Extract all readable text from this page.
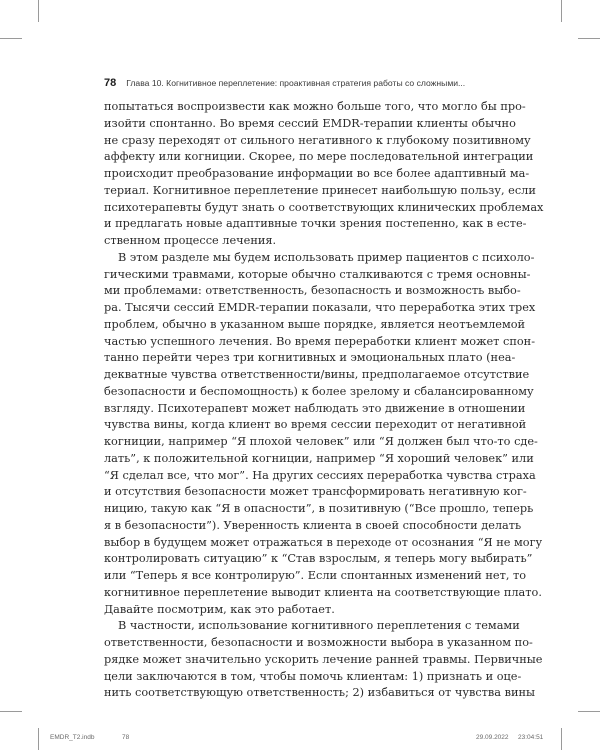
78 Глава 10. Когнитивное переплетение: проактивная стратегия работы со сложными...
попытаться воспроизвести как можно больше того, что могло бы про-
изойти спонтанно. Во время сессий EMDR-терапии клиенты обычно
не сразу переходят от сильного негативного к глубокому позитивному
аффекту или когниции. Скорее, по мере последовательной интеграции
происходит преобразование информации во все более адаптивный ма-
териал. Когнитивное переплетение принесет наибольшую пользу, если
психотерапевты будут знать о соответствующих клинических проблемах
и предлагать новые адаптивные точки зрения постепенно, как в есте-
ственном процессе лечения.
В этом разделе мы будем использовать пример пациентов с психоло-
гическими травмами, которые обычно сталкиваются с тремя основны-
ми проблемами: ответственность, безопасность и возможность выбо-
ра. Тысячи сессий EMDR-терапии показали, что переработка этих трех
проблем, обычно в указанном выше порядке, является неотъемлемой
частью успешного лечения. Во время переработки клиент может спон-
танно перейти через три когнитивных и эмоциональных плато (неа-
декватные чувства ответственности/вины, предполагаемое отсутствие
безопасности и беспомощность) к более зрелому и сбалансированному
взгляду. Психотерапевт может наблюдать это движение в отношении
чувства вины, когда клиент во время сессии переходит от негативной
когниции, например “Я плохой человек” или “Я должен был что-то сде-
лать”, к положительной когниции, например “Я хороший человек” или
“Я сделал все, что мог”. На других сессиях переработка чувства страха
и отсутствия безопасности может трансформировать негативную ког-
ницию, такую как “Я в опасности”, в позитивную (“Все прошло, теперь
я в безопасности”). Уверенность клиента в своей способности делать
выбор в будущем может отражаться в переходе от осознания “Я не могу
контролировать ситуацию” к “Став взрослым, я теперь могу выбирать”
или “Теперь я все контролирую”. Если спонтанных изменений нет, то
когнитивное переплетение выводит клиента на соответствующие плато.
Давайте посмотрим, как это работает.
В частности, использование когнитивного переплетения с темами
ответственности, безопасности и возможности выбора в указанном по-
рядке может значительно ускорить лечение ранней травмы. Первичные
цели заключаются в том, чтобы помочь клиентам: 1) признать и оце-
нить соответствующую ответственность; 2) избавиться от чувства вины
EMDR_T2.indb	78	29.09.2022 23:04:51
